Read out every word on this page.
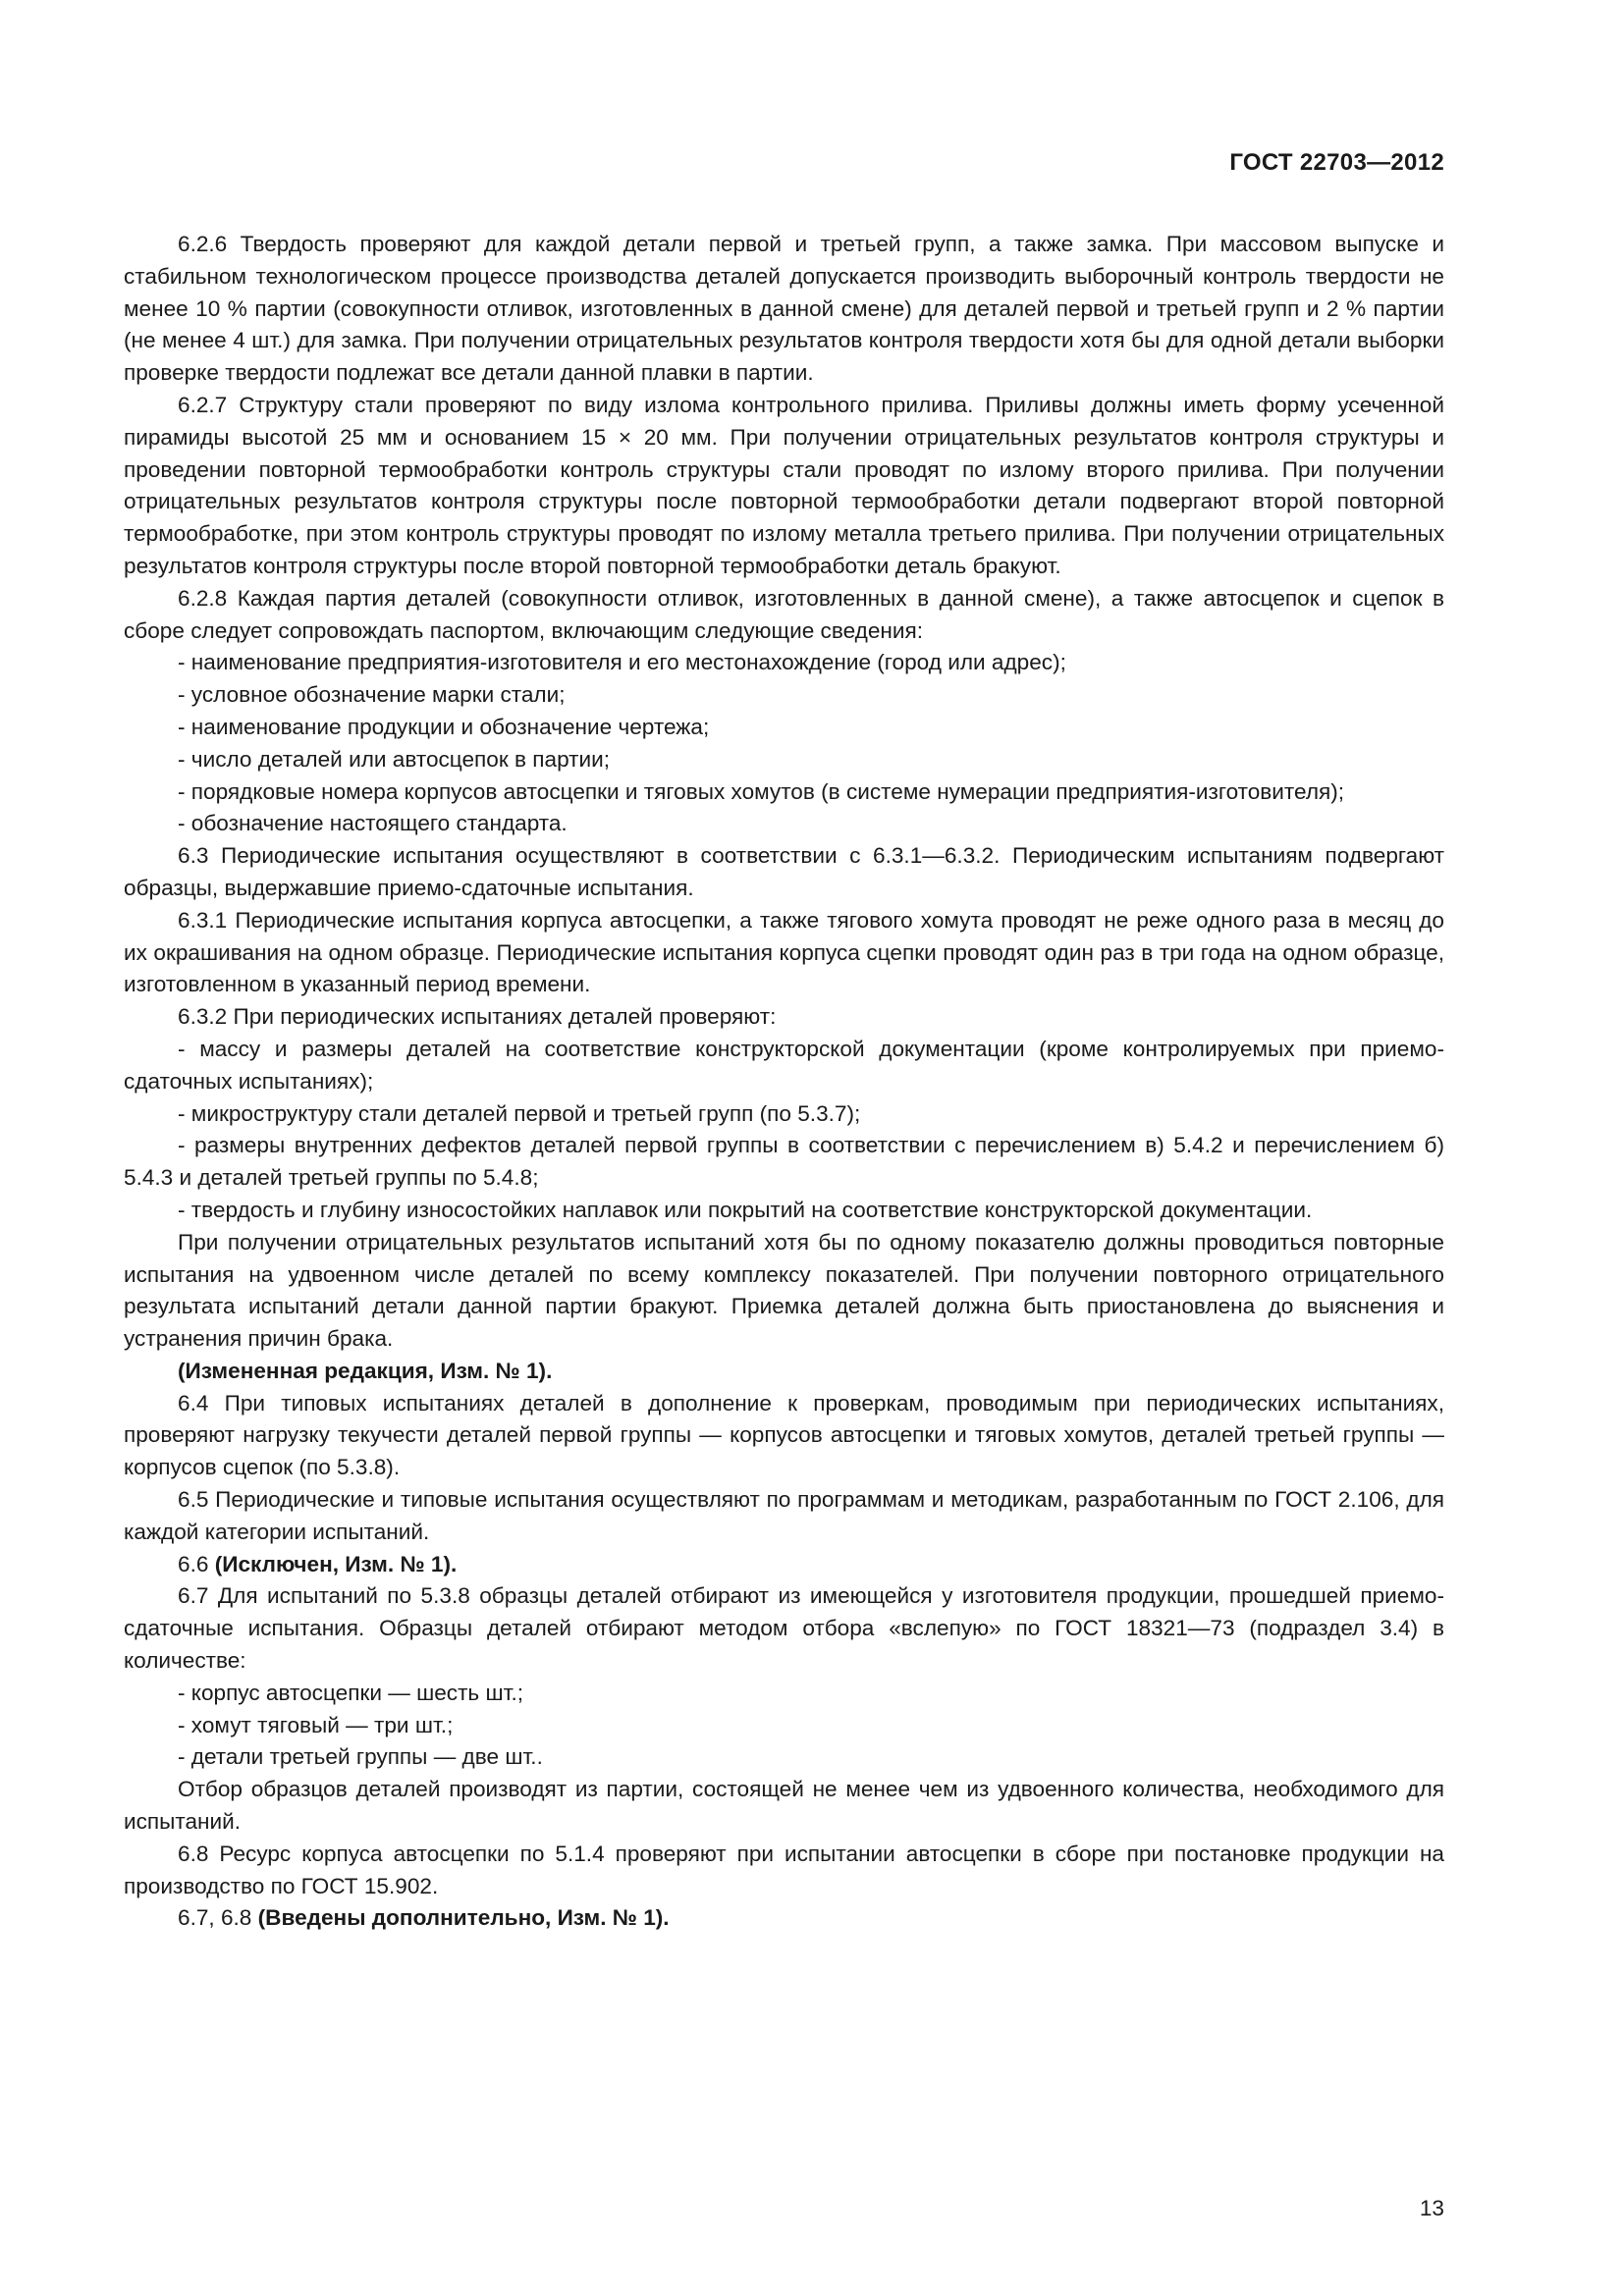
ГОСТ 22703—2012

6.2.6 Твердость проверяют для каждой детали первой и третьей групп, а также замка. При массовом выпуске и стабильном технологическом процессе производства деталей допускается производить выборочный контроль твердости не менее 10 % партии (совокупности отливок, изготовленных в данной смене) для деталей первой и третьей групп и 2 % партии (не менее 4 шт.) для замка. При получении отрицательных результатов контроля твердости хотя бы для одной детали выборки проверке твердости подлежат все детали данной плавки в партии.

6.2.7 Структуру стали проверяют по виду излома контрольного прилива. Приливы должны иметь форму усеченной пирамиды высотой 25 мм и основанием 15 × 20 мм. При получении отрицательных результатов контроля структуры и проведении повторной термообработки контроль структуры стали проводят по излому второго прилива. При получении отрицательных результатов контроля структуры после повторной термообработки детали подвергают второй повторной термообработке, при этом контроль структуры проводят по излому металла третьего прилива. При получении отрицательных результатов контроля структуры после второй повторной термообработки деталь бракуют.

6.2.8 Каждая партия деталей (совокупности отливок, изготовленных в данной смене), а также автосцепок и сцепок в сборе следует сопровождать паспортом, включающим следующие сведения:

- наименование предприятия-изготовителя и его местонахождение (город или адрес);

- условное обозначение марки стали;

- наименование продукции и обозначение чертежа;

- число деталей или автосцепок в партии;

- порядковые номера корпусов автосцепки и тяговых хомутов (в системе нумерации предприятия-изготовителя);

- обозначение настоящего стандарта.

6.3 Периодические испытания осуществляют в соответствии с 6.3.1—6.3.2. Периодическим испытаниям подвергают образцы, выдержавшие приемо-сдаточные испытания.

6.3.1 Периодические испытания корпуса автосцепки, а также тягового хомута проводят не реже одного раза в месяц до их окрашивания на одном образце. Периодические испытания корпуса сцепки проводят один раз в три года на одном образце, изготовленном в указанный период времени.

6.3.2 При периодических испытаниях деталей проверяют:

- массу и размеры деталей на соответствие конструкторской документации (кроме контролируемых при приемо-сдаточных испытаниях);

- микроструктуру стали деталей первой и третьей групп (по 5.3.7);

- размеры внутренних дефектов деталей первой группы в соответствии с перечислением в) 5.4.2 и перечислением б) 5.4.3 и деталей третьей группы по 5.4.8;

- твердость и глубину износостойких наплавок или покрытий на соответствие конструкторской документации.

При получении отрицательных результатов испытаний хотя бы по одному показателю должны проводиться повторные испытания на удвоенном числе деталей по всему комплексу показателей. При получении повторного отрицательного результата испытаний детали данной партии бракуют. Приемка деталей должна быть приостановлена до выяснения и устранения причин брака.

(Измененная редакция, Изм. № 1).

6.4 При типовых испытаниях деталей в дополнение к проверкам, проводимым при периодических испытаниях, проверяют нагрузку текучести деталей первой группы — корпусов автосцепки и тяговых хомутов, деталей третьей группы — корпусов сцепок (по 5.3.8).

6.5 Периодические и типовые испытания осуществляют по программам и методикам, разработанным по ГОСТ 2.106, для каждой категории испытаний.

6.6 (Исключен, Изм. № 1).

6.7 Для испытаний по 5.3.8 образцы деталей отбирают из имеющейся у изготовителя продукции, прошедшей приемо-сдаточные испытания. Образцы деталей отбирают методом отбора «вслепую» по ГОСТ 18321—73 (подраздел 3.4) в количестве:

- корпус автосцепки — шесть шт.;

- хомут тяговый — три шт.;

- детали третьей группы — две шт..

Отбор образцов деталей производят из партии, состоящей не менее чем из удвоенного количества, необходимого для испытаний.

6.8 Ресурс корпуса автосцепки по 5.1.4 проверяют при испытании автосцепки в сборе при постановке продукции на производство по ГОСТ 15.902.

6.7, 6.8 (Введены дополнительно, Изм. № 1).

13
